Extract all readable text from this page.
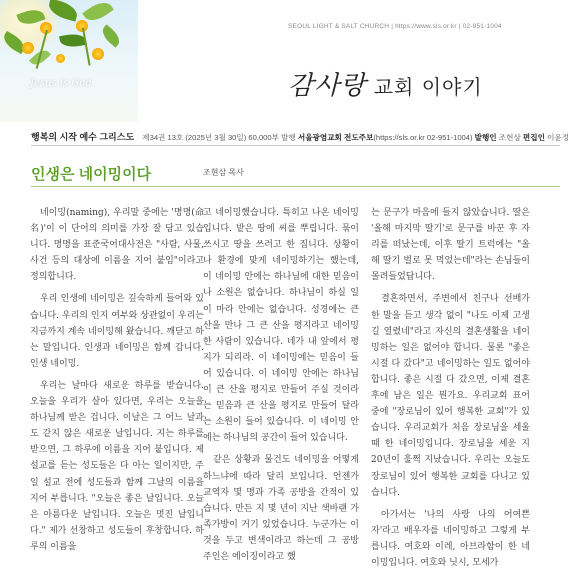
Jesus is God
SEOUL LIGHT & SALT CHURCH | https://www.sls.or.kr | 02-951-1004
감사랑 교회 이야기
행복의 시작 예수 그리스도 제34권 13호 (2025년 3월 30일) 60,000부 발행 서울광염교회 전도주보(https://sls.or.kr 02-951-1004) 발행인 조현삼 편집인 이윤정
인생은 네이밍이다	조현삼 목사

네이밍(naming), 우리말 중에는 '명명(命名)'이 이 단어의 의미를 가장 잘 담고 있습니다. 명명을 표준국어대사전은 "사람, 사물, 사건 등의 대상에 이름을 지어 붙임"이라고 정의합니다.

우리 인생에 네이밍은 깊숙하게 들어와 있습니다. 우리의 인지 여부와 상관없이 우리는 지금까지 계속 네이밍해 왔습니다. 깨닫고 하는 말입니다. 인생과 네이밍은 함께 갑니다. 인생 네이밍.

우리는 날마다 새로운 하루를 받습니다. 오늘을 우리가 살아 있다면, 우리는 오늘을 하나님께 받은 겁니다. 이날은 그 어느 날과도 같지 않은 새로운 날입니다. 지는 하루를 받으면, 그 하루에 이름을 지어 붙입니다. 제 설교를 듣는 성도들은 다 아는 일이지만, 주일 설교 전에 성도들과 함께 그날의 이름을 지어 부릅니다. "오늘은 좋은 날입니다. 오늘은 아름다운 날입니다. 오늘은 멋진 날입니다." 제가 선창하고 성도들이 후창합니다. 하루의 이름을

고 네이밍했습니다. 특히고 나온 네이밍입니다. 밭은 땅에 씨를 뿌립니다. 묶이 쓰시고 땅을 쓰러고 한 집니다. 상황이나 환경에 맞게 네이밍하기는 했는데, 이 네이밍 안에는 하나님에 대한 믿음이나 소원은 없습니다. 하나님이 하실 일이 마라 안에는 없습니다. 성경에는 큰 산을 만나 그 큰 산을 평지라고 네이밍한 사람이 있습니다. 네가 내 앞에서 평지가 되리라. 이 네이밍에는 믿음이 들어 있습니다. 이 네이밍 안에는 하나님이 큰 산을 평지로 만들어 주실 것이라는 믿음과 큰 산을 평지로 만들어 달라는 소원이 들어 있습니다. 이 네이밍 안에는 하나님의 공간이 들어 있습니다.

같은 상황과 물건도 네이밍을 어떻게 하느냐에 따라 달리 보입니다. 언젠가 교역자 몇 명과 가족 공방을 간적이 있습니다. 만든 지 몇 년이 지난 색바랜 가족가방이 거기 있었습니다. 누군가는 이것을 두고 변색이라고 하는데 그 공방 주인은 에이징이라고 했

는 문구가 마음에 들지 않았습니다. 딸은 '올해 마지막 딸기'로 문구를 바꾼 후 자리를 떠났는데, 이후 딸기 트럭에는 "올해 딸기 벌로 못 먹었는데"라는 손님들이 몰려들었답니다.

결혼하면서, 주변에서 친구나 선배가 한 말을 듣고 생각 없이 "나도 이제 고생길 열렸네"라고 자신의 결혼생활을 네이밍하는 일은 없어야 합니다. 물론 "좋은 시절 다 갔다"고 네이밍하는 일도 없어야 합니다. 좋은 시절 다 갔으면, 이제 결혼 후에 남은 일은 뭔가요. 우리교회 표어 중에 "장로님이 있어 행복한 교회"가 있습니다. 우리교회가 처음 장로님을 세울 때 한 네이밍입니다. 장로님을 세운 지 20년이 훌쩍 지났습니다. 우리는 오늘도 장로님이 있어 행복한 교회를 다니고 있습니다.

아가서는 '나의 사랑 나의 어여쁜 자'라고 배우자를 네이밍하고 그렇게 부릅니다. 여호와 이레, 아브라함이 한 네이밍입니다. 여호와 닛시, 모세가
